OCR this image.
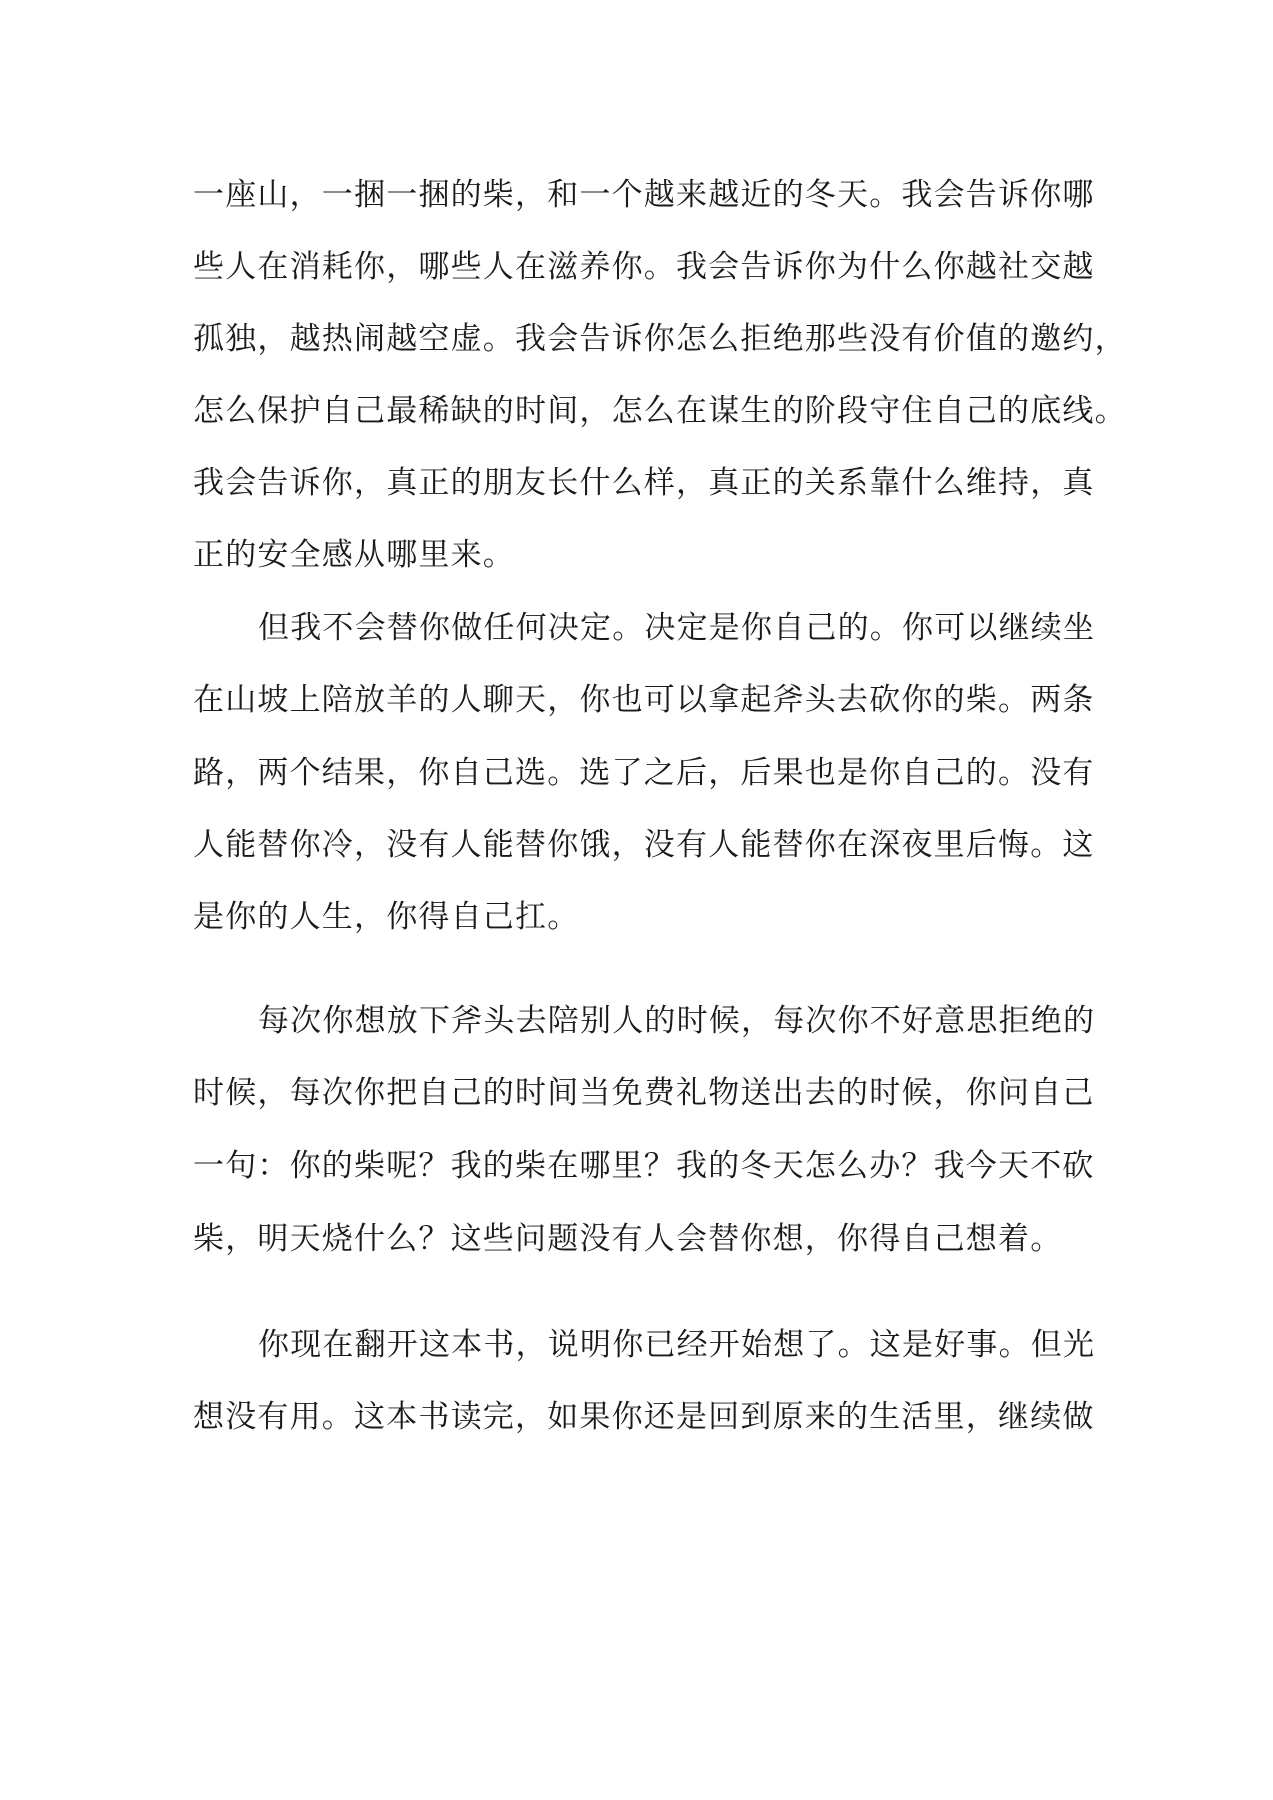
一座山，一捆一捆的柴，和一个越来越近的冬天。我会告诉你哪
些人在消耗你，哪些人在滋养你。我会告诉你为什么你越社交越
孤独，越热闹越空虚。我会告诉你怎么拒绝那些没有价值的邀约，
怎么保护自己最稀缺的时间，怎么在谋生的阶段守住自己的底线。
我会告诉你，真正的朋友长什么样，真正的关系靠什么维持，真
正的安全感从哪里来。
但我不会替你做任何决定。决定是你自己的。你可以继续坐
在山坡上陪放羊的人聊天，你也可以拿起斧头去砍你的柴。两条
路，两个结果，你自己选。选了之后，后果也是你自己的。没有
人能替你冷，没有人能替你饿，没有人能替你在深夜里后悔。这
是你的人生，你得自己扛。
每次你想放下斧头去陪别人的时候，每次你不好意思拒绝的
时候，每次你把自己的时间当免费礼物送出去的时候，你问自己
一句：你的柴呢？我的柴在哪里？我的冬天怎么办？我今天不砍
柴，明天烧什么？这些问题没有人会替你想，你得自己想着。
你现在翻开这本书，说明你已经开始想了。这是好事。但光
想没有用。这本书读完，如果你还是回到原来的生活里，继续做
